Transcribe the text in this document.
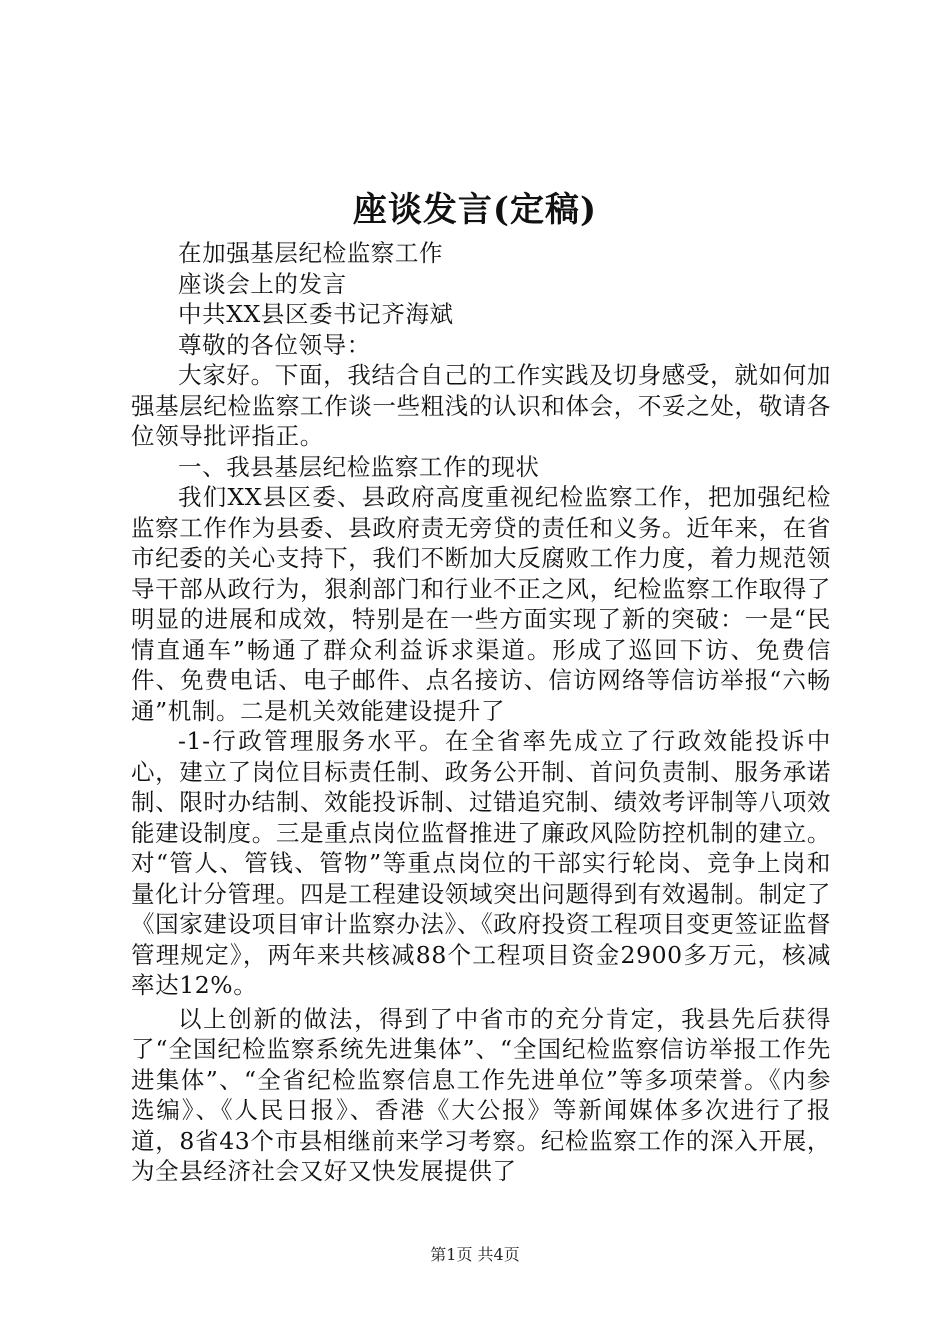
座谈发言(定稿)

在加强基层纪检监察工作

座谈会上的发言

中共XX县区委书记齐海斌

尊敬的各位领导：

大家好。下面，我结合自己的工作实践及切身感受，就如何加强基层纪检监察工作谈一些粗浅的认识和体会，不妥之处，敬请各位领导批评指正。

一、我县基层纪检监察工作的现状

我们XX县区委、县政府高度重视纪检监察工作，把加强纪检监察工作作为县委、县政府责无旁贷的责任和义务。近年来，在省市纪委的关心支持下，我们不断加大反腐败工作力度，着力规范领导干部从政行为，狠刹部门和行业不正之风，纪检监察工作取得了明显的进展和成效，特别是在一些方面实现了新的突破：一是“民情直通车”畅通了群众利益诉求渠道。形成了巡回下访、免费信件、免费电话、电子邮件、点名接访、信访网络等信访举报“六畅通”机制。二是机关效能建设提升了

-1-行政管理服务水平。在全省率先成立了行政效能投诉中心，建立了岗位目标责任制、政务公开制、首问负责制、服务承诺制、限时办结制、效能投诉制、过错追究制、绩效考评制等八项效能建设制度。三是重点岗位监督推进了廉政风险防控机制的建立。对“管人、管钱、管物”等重点岗位的干部实行轮岗、竞争上岗和量化计分管理。四是工程建设领域突出问题得到有效遏制。制定了《国家建设项目审计监察办法》、《政府投资工程项目变更签证监督管理规定》，两年来共核减88个工程项目资金2900多万元，核减率达12%。

以上创新的做法，得到了中省市的充分肯定，我县先后获得了“全国纪检监察系统先进集体”、“全国纪检监察信访举报工作先进集体”、“全省纪检监察信息工作先进单位”等多项荣誉。《内参选编》、《人民日报》、香港《大公报》等新闻媒体多次进行了报道，8省43个市县相继前来学习考察。纪检监察工作的深入开展，为全县经济社会又好又快发展提供了

第1页 共4页
